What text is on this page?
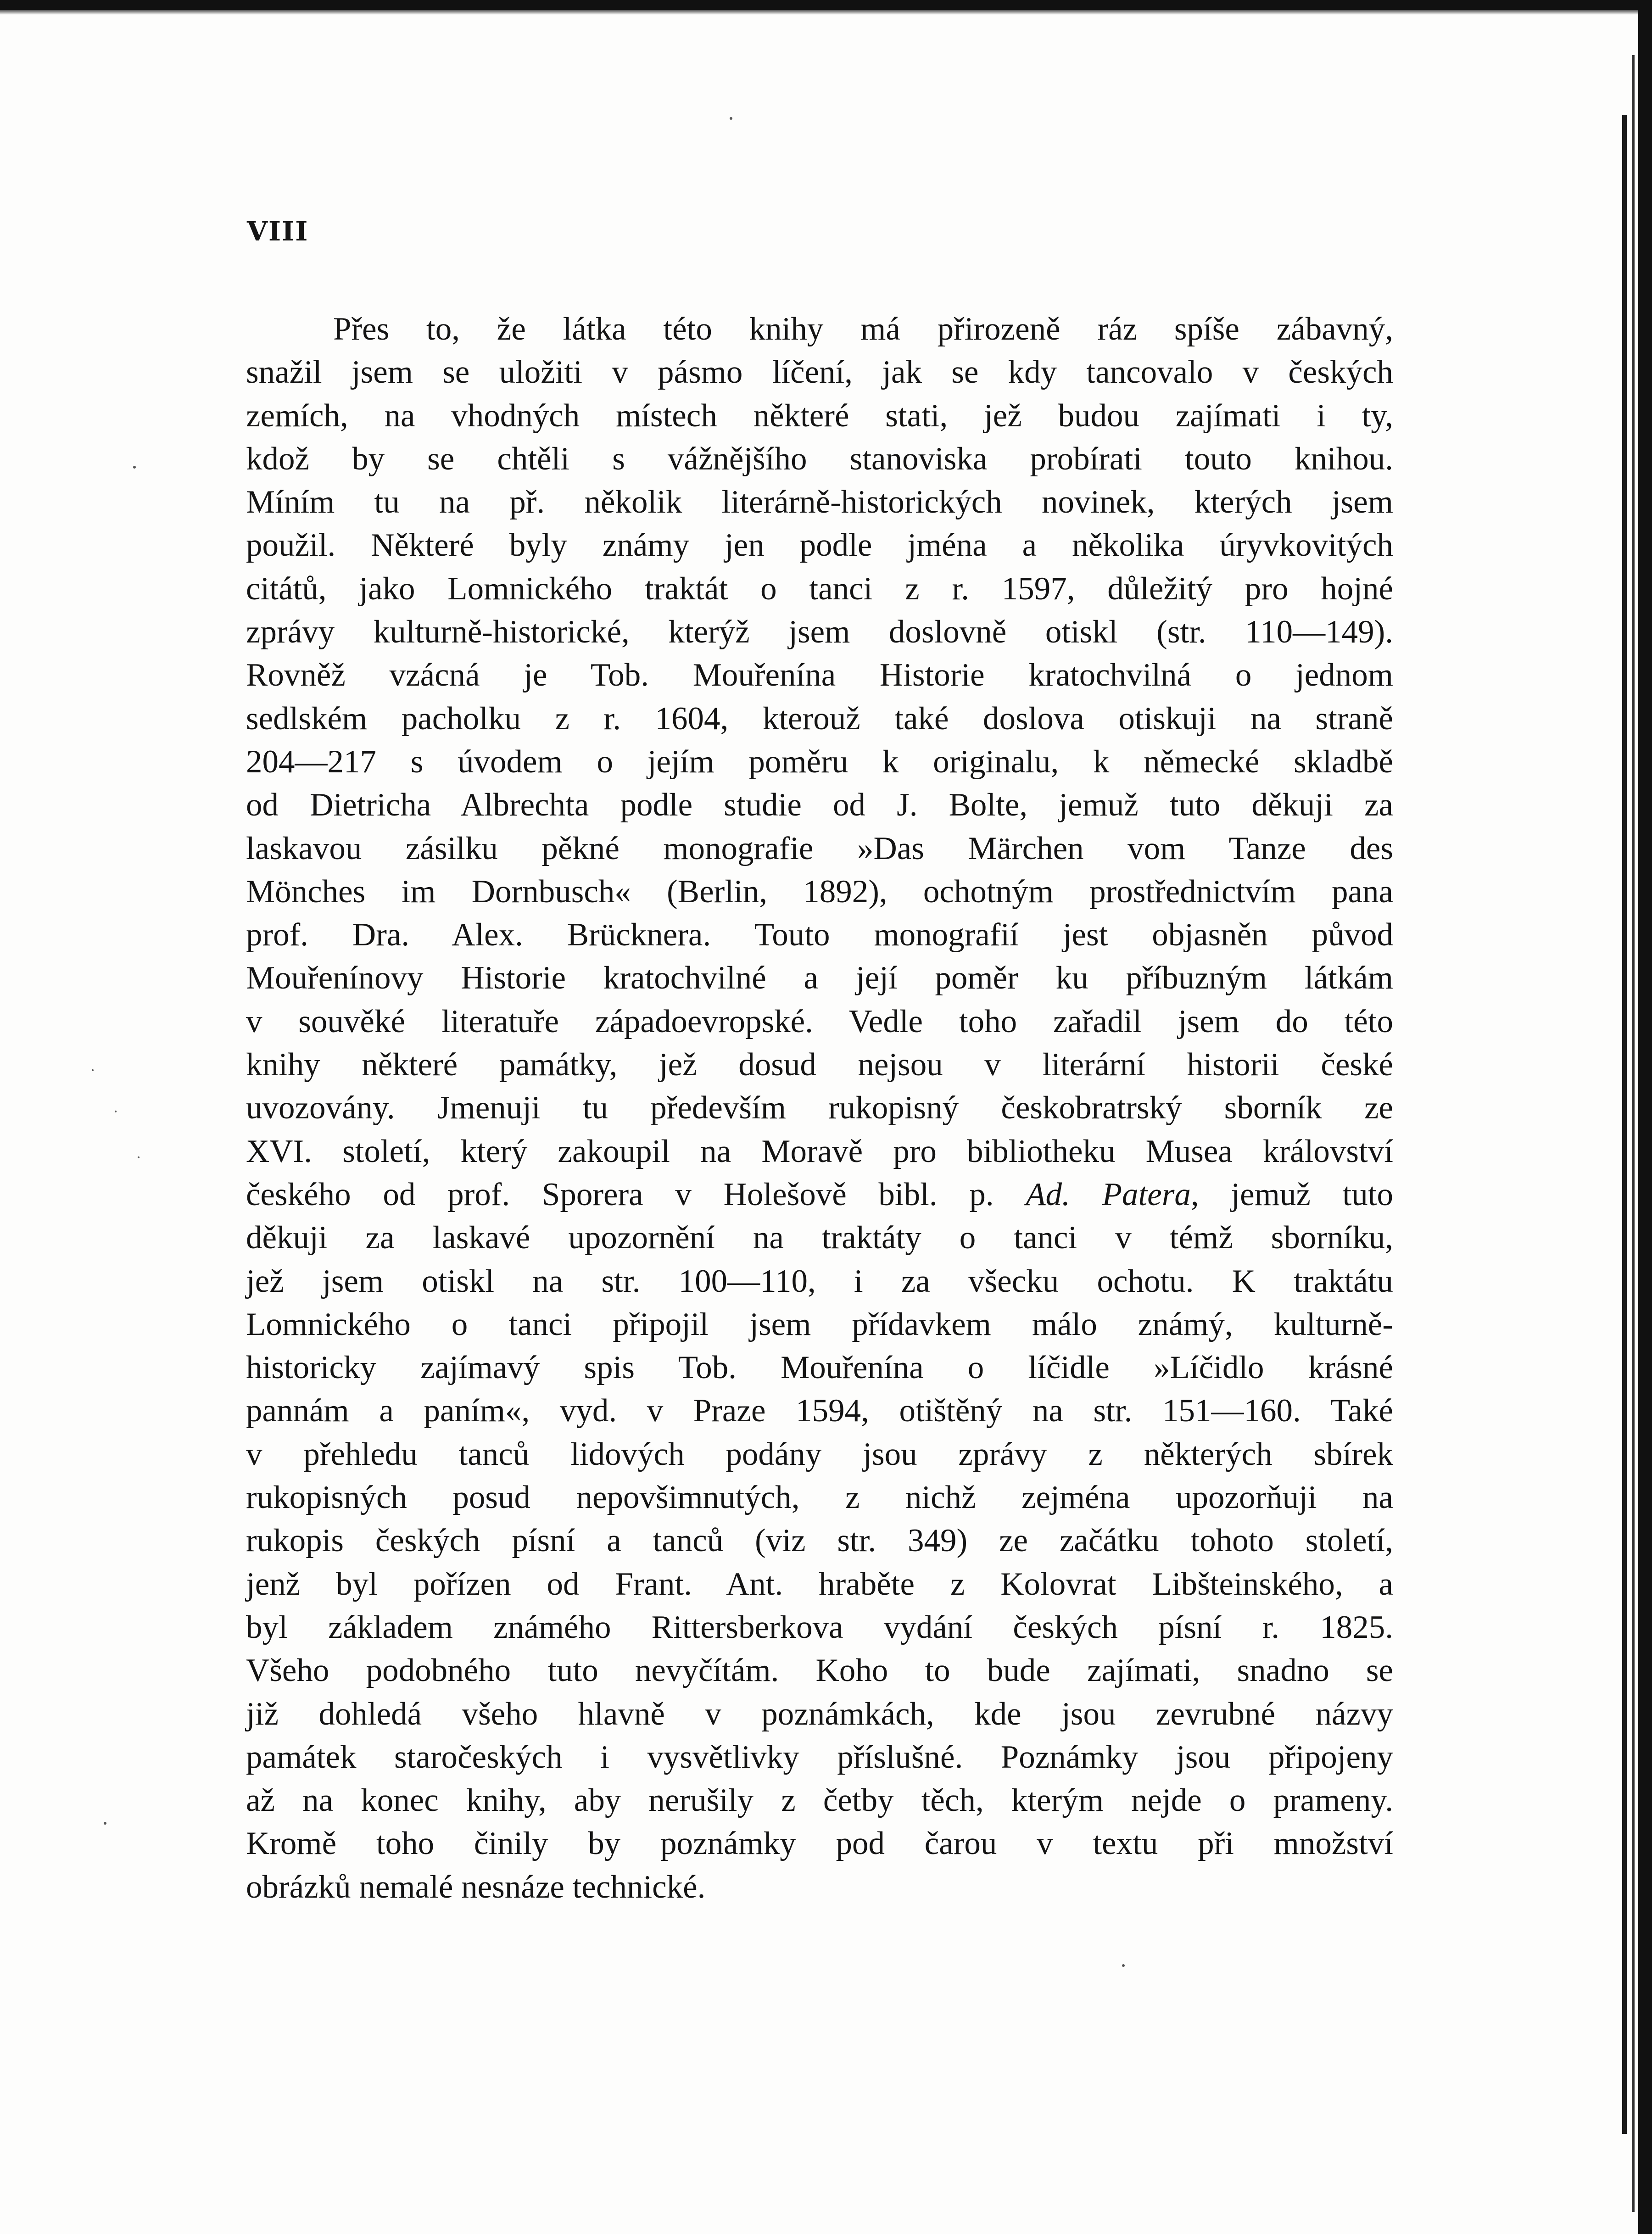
VIII

Přes to, že látka této knihy má přirozeně ráz spíše zábavný,
snažil jsem se uložiti v pásmo líčení, jak se kdy tancovalo v českých
zemích, na vhodných místech některé stati, jež budou zajímati i ty,
kdož by se chtěli s vážnějšího stanoviska probírati touto knihou.
Míním tu na př. několik literárně-historických novinek, kterých jsem
použil. Některé byly známy jen podle jména a několika úryvkovitých
citátů, jako Lomnického traktát o tanci z r. 1597, důležitý pro hojné
zprávy kulturně-historické, kterýž jsem doslovně otiskl (str. 110—149).
Rovněž vzácná je Tob. Mouřenína Historie kratochvilná o jednom
sedlském pacholku z r. 1604, kterouž také doslova otiskuji na straně
204—217 s úvodem o jejím poměru k originalu, k německé skladbě
od Dietricha Albrechta podle studie od J. Bolte, jemuž tuto děkuji za
laskavou zásilku pěkné monografie »Das Märchen vom Tanze des
Mönches im Dornbusch« (Berlin, 1892), ochotným prostřednictvím pana
prof. Dra. Alex. Brücknera. Touto monografií jest objasněn původ
Mouřenínovy Historie kratochvilné a její poměr ku příbuzným látkám
v souvěké literatuře západoevropské. Vedle toho zařadil jsem do této
knihy některé památky, jež dosud nejsou v literární historii české
uvozovány. Jmenuji tu především rukopisný českobratrský sborník ze
XVI. století, který zakoupil na Moravě pro bibliotheku Musea království
českého od prof. Sporera v Holešově bibl. p. Ad. Patera, jemuž tuto
děkuji za laskavé upozornění na traktáty o tanci v témž sborníku,
jež jsem otiskl na str. 100—110, i za všecku ochotu. K traktátu
Lomnického o tanci připojil jsem přídavkem málo známý, kulturně-
historicky zajímavý spis Tob. Mouřenína o líčidle »Líčidlo krásné
pannám a paním«, vyd. v Praze 1594, otištěný na str. 151—160. Také
v přehledu tanců lidových podány jsou zprávy z některých sbírek
rukopisných posud nepovšimnutých, z nichž zejména upozorňuji na
rukopis českých písní a tanců (viz str. 349) ze začátku tohoto století,
jenž byl pořízen od Frant. Ant. hraběte z Kolovrat Libšteinského, a
byl základem známého Rittersberkova vydání českých písní r. 1825.
Všeho podobného tuto nevyčítám. Koho to bude zajímati, snadno se
již dohledá všeho hlavně v poznámkách, kde jsou zevrubné názvy
památek staročeských i vysvětlivky příslušné. Poznámky jsou připojeny
až na konec knihy, aby nerušily z četby těch, kterým nejde o prameny.
Kromě toho činily by poznámky pod čarou v textu při množství
obrázků nemalé nesnáze technické.
